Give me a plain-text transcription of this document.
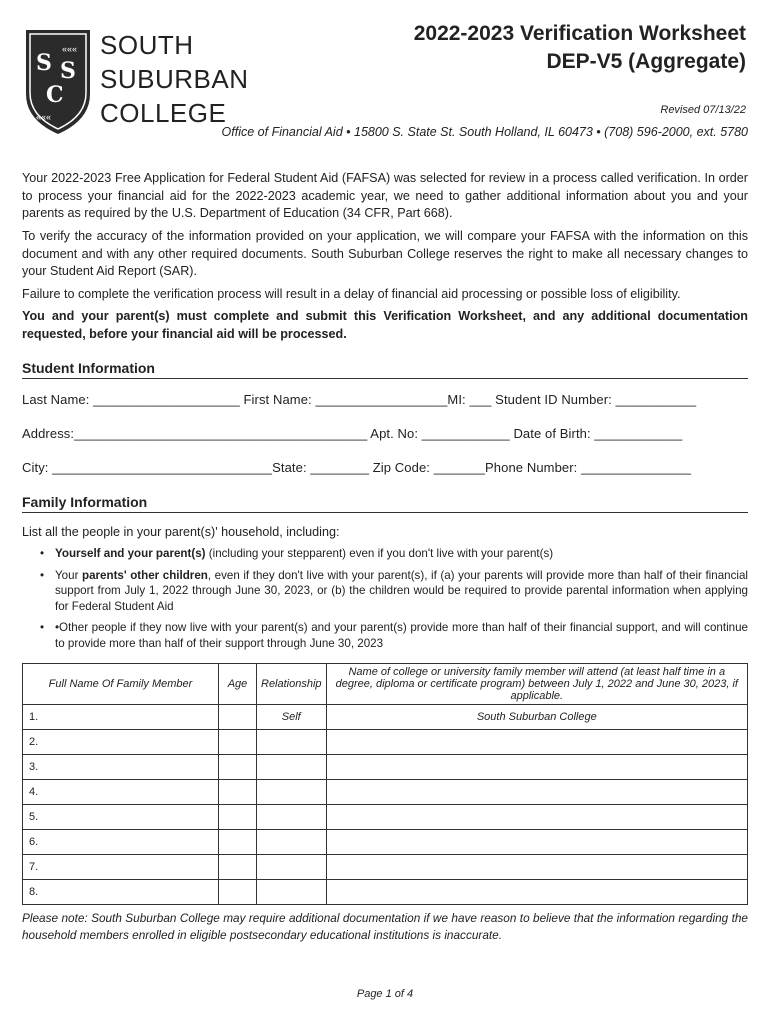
S S
C
«««
«««
SOUTH
SUBURBAN
COLLEGE
2022-2023 Verification Worksheet
DEP-V5 (Aggregate)
Revised 07/13/22
Office of Financial Aid • 15800 S. State St. South Holland, IL 60473 • (708) 596-2000, ext. 5780

Your 2022-2023 Free Application for Federal Student Aid (FAFSA) was selected for review in a process called verification. In order to process your financial aid for the 2022-2023 academic year, we need to gather additional information about you and your parents as required by the U.S. Department of Education (34 CFR, Part 668).

To verify the accuracy of the information provided on your application, we will compare your FAFSA with the information on this document and with any other required documents. South Suburban College reserves the right to make all necessary changes to your Student Aid Report (SAR).

Failure to complete the verification process will result in a delay of financial aid processing or possible loss of eligibility.

You and your parent(s) must complete and submit this Verification Worksheet, and any additional documentation requested, before your financial aid will be processed.

Student Information
Last Name: ____________________ First Name: __________________MI: ___ Student ID Number: ___________
Address:________________________________________ Apt. No: ____________ Date of Birth: ____________
City: ______________________________State: ________ Zip Code: _______Phone Number: _______________
Family Information
List all the people in your parent(s)' household, including:
• Yourself and your parent(s) (including your stepparent) even if you don't live with your parent(s)
• Your parents' other children, even if they don't live with your parent(s), if (a) your parents will provide more than half of their financial support from July 1, 2022 through June 30, 2023, or (b) the children would be required to provide parental information when applying for Federal Student Aid
• •Other people if they now live with your parent(s) and your parent(s) provide more than half of their financial support, and will continue to provide more than half of their support through June 30, 2023
Full Name Of Family Member	Age	Relationship	Name of college or university family member will attend (at least half time in a degree, diploma or certificate program) between July 1, 2022 and June 30, 2023, if applicable.
1.		Self	South Suburban College
2.			
3.			
4.			
5.			
6.			
7.			
8.			

Please note: South Suburban College may require additional documentation if we have reason to believe that the information regarding the household members enrolled in eligible postsecondary educational institutions is inaccurate.

Page 1 of 4
